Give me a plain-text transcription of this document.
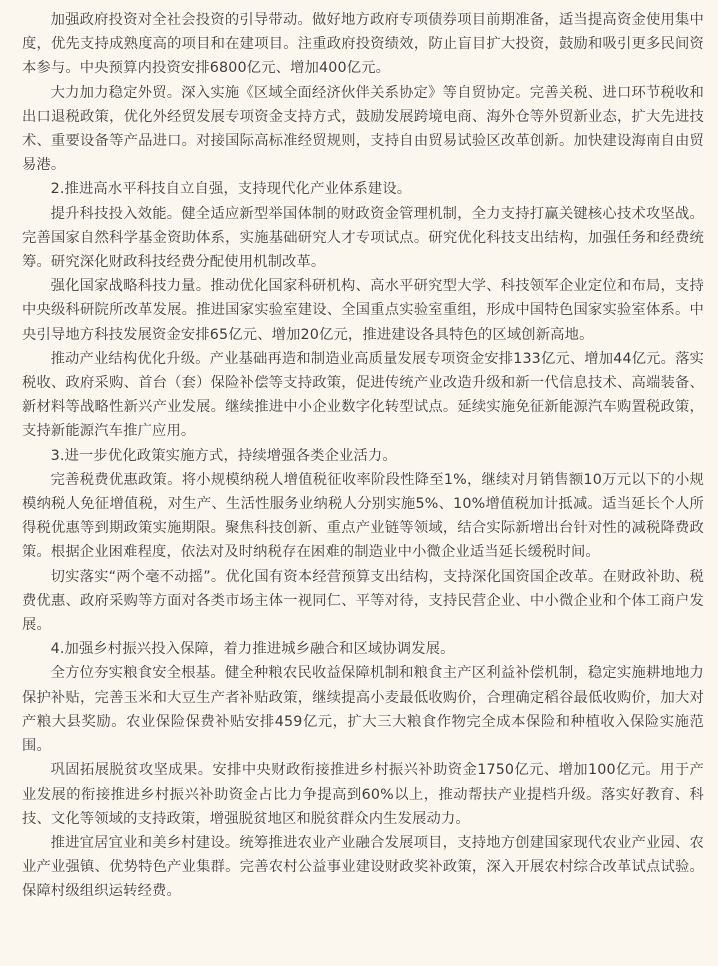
加强政府投资对全社会投资的引导带动。做好地方政府专项债券项目前期准备，适当提高资金使用集中度，优先支持成熟度高的项目和在建项目。注重政府投资绩效，防止盲目扩大投资，鼓励和吸引更多民间资本参与。中央预算内投资安排6800亿元、增加400亿元。

大力加力稳定外贸。深入实施《区域全面经济伙伴关系协定》等自贸协定。完善关税、进口环节税收和出口退税政策，优化外经贸发展专项资金支持方式，鼓励发展跨境电商、海外仓等外贸新业态，扩大先进技术、重要设备等产品进口。对接国际高标准经贸规则，支持自由贸易试验区改革创新。加快建设海南自由贸易港。

2.推进高水平科技自立自强，支持现代化产业体系建设。

提升科技投入效能。健全适应新型举国体制的财政资金管理机制，全力支持打赢关键核心技术攻坚战。完善国家自然科学基金资助体系，实施基础研究人才专项试点。研究优化科技支出结构，加强任务和经费统筹。研究深化财政科技经费分配使用机制改革。

强化国家战略科技力量。推动优化国家科研机构、高水平研究型大学、科技领军企业定位和布局，支持中央级科研院所改革发展。推进国家实验室建设、全国重点实验室重组，形成中国特色国家实验室体系。中央引导地方科技发展资金安排65亿元、增加20亿元，推进建设各具特色的区域创新高地。

推动产业结构优化升级。产业基础再造和制造业高质量发展专项资金安排133亿元、增加44亿元。落实税收、政府采购、首台（套）保险补偿等支持政策，促进传统产业改造升级和新一代信息技术、高端装备、新材料等战略性新兴产业发展。继续推进中小企业数字化转型试点。延续实施免征新能源汽车购置税政策，支持新能源汽车推广应用。

3.进一步优化政策实施方式，持续增强各类企业活力。

完善税费优惠政策。将小规模纳税人增值税征收率阶段性降至1%，继续对月销售额10万元以下的小规模纳税人免征增值税，对生产、生活性服务业纳税人分别实施5%、10%增值税加计抵减。适当延长个人所得税优惠等到期政策实施期限。聚焦科技创新、重点产业链等领域，结合实际新增出台针对性的减税降费政策。根据企业困难程度，依法对及时纳税存在困难的制造业中小微企业适当延长缓税时间。

切实落实“两个毫不动摇”。优化国有资本经营预算支出结构，支持深化国资国企改革。在财政补助、税费优惠、政府采购等方面对各类市场主体一视同仁、平等对待，支持民营企业、中小微企业和个体工商户发展。

4.加强乡村振兴投入保障，着力推进城乡融合和区域协调发展。

全方位夯实粮食安全根基。健全种粮农民收益保障机制和粮食主产区利益补偿机制，稳定实施耕地地力保护补贴，完善玉米和大豆生产者补贴政策，继续提高小麦最低收购价，合理确定稻谷最低收购价，加大对产粮大县奖励。农业保险保费补贴安排459亿元，扩大三大粮食作物完全成本保险和种植收入保险实施范围。

巩固拓展脱贫攻坚成果。安排中央财政衔接推进乡村振兴补助资金1750亿元、增加100亿元。用于产业发展的衔接推进乡村振兴补助资金占比力争提高到60%以上，推动帮扶产业提档升级。落实好教育、科技、文化等领域的支持政策，增强脱贫地区和脱贫群众内生发展动力。

推进宜居宜业和美乡村建设。统筹推进农业产业融合发展项目，支持地方创建国家现代农业产业园、农业产业强镇、优势特色产业集群。完善农村公益事业建设财政奖补政策，深入开展农村综合改革试点试验。保障村级组织运转经费。
